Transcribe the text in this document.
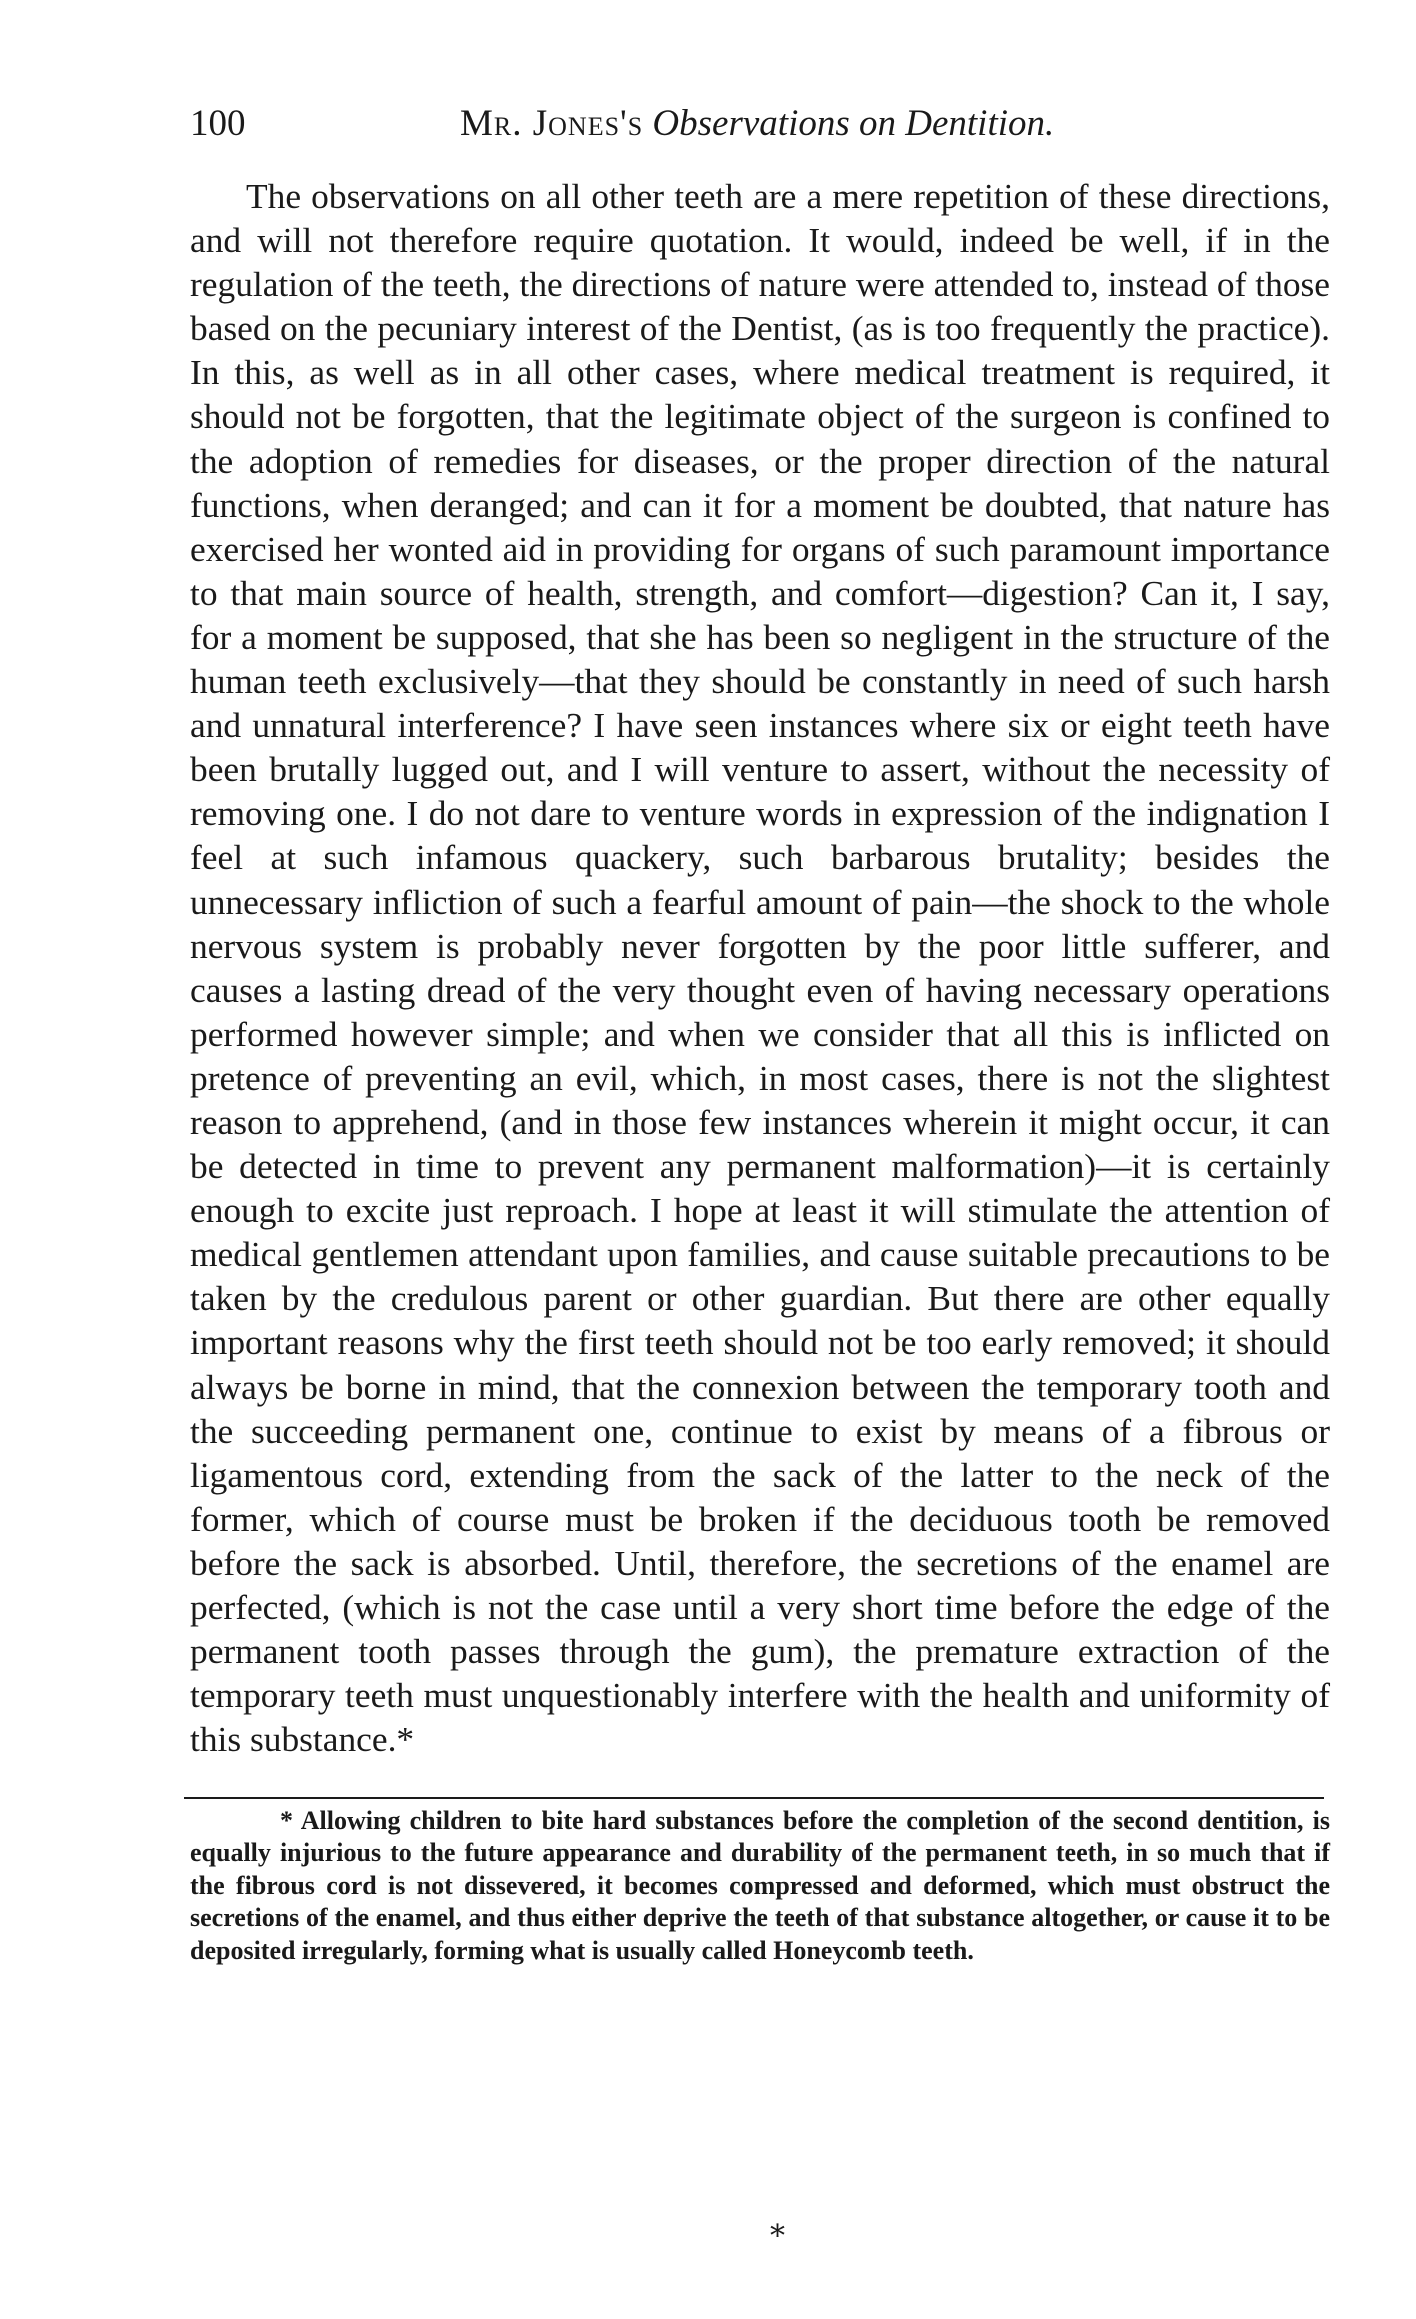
100	Mr. Jones's Observations on Dentition.

The observations on all other teeth are a mere repetition of these directions, and will not therefore require quotation. It would, indeed be well, if in the regulation of the teeth, the directions of nature were attended to, instead of those based on the pecuniary interest of the Dentist, (as is too frequently the practice). In this, as well as in all other cases, where medical treatment is required, it should not be forgotten, that the legitimate object of the surgeon is confined to the adoption of remedies for diseases, or the proper direction of the natural functions, when deranged; and can it for a moment be doubted, that nature has exercised her wonted aid in providing for organs of such paramount importance to that main source of health, strength, and comfort—digestion? Can it, I say, for a moment be supposed, that she has been so negligent in the structure of the human teeth exclusively—that they should be constantly in need of such harsh and unnatural interference? I have seen instances where six or eight teeth have been brutally lugged out, and I will venture to assert, without the necessity of removing one. I do not dare to venture words in expression of the indignation I feel at such infamous quackery, such barbarous brutality; besides the unnecessary infliction of such a fearful amount of pain—the shock to the whole nervous system is probably never forgotten by the poor little sufferer, and causes a lasting dread of the very thought even of having necessary operations performed however simple; and when we consider that all this is inflicted on pretence of preventing an evil, which, in most cases, there is not the slightest reason to apprehend, (and in those few instances wherein it might occur, it can be detected in time to prevent any permanent malformation)—it is certainly enough to excite just reproach. I hope at least it will stimulate the attention of medical gentlemen attendant upon families, and cause suitable precautions to be taken by the credulous parent or other guardian. But there are other equally important reasons why the first teeth should not be too early removed; it should always be borne in mind, that the connexion between the temporary tooth and the succeeding permanent one, continue to exist by means of a fibrous or ligamentous cord, extending from the sack of the latter to the neck of the former, which of course must be broken if the deciduous tooth be removed before the sack is absorbed. Until, therefore, the secretions of the enamel are perfected, (which is not the case until a very short time before the edge of the permanent tooth passes through the gum), the premature extraction of the temporary teeth must unquestionably interfere with the health and uniformity of this substance.*

* Allowing children to bite hard substances before the completion of the second dentition, is equally injurious to the future appearance and durability of the permanent teeth, in so much that if the fibrous cord is not dissevered, it becomes compressed and deformed, which must obstruct the secretions of the enamel, and thus either deprive the teeth of that substance altogether, or cause it to be deposited irregularly, forming what is usually called Honeycomb teeth.

⁎
